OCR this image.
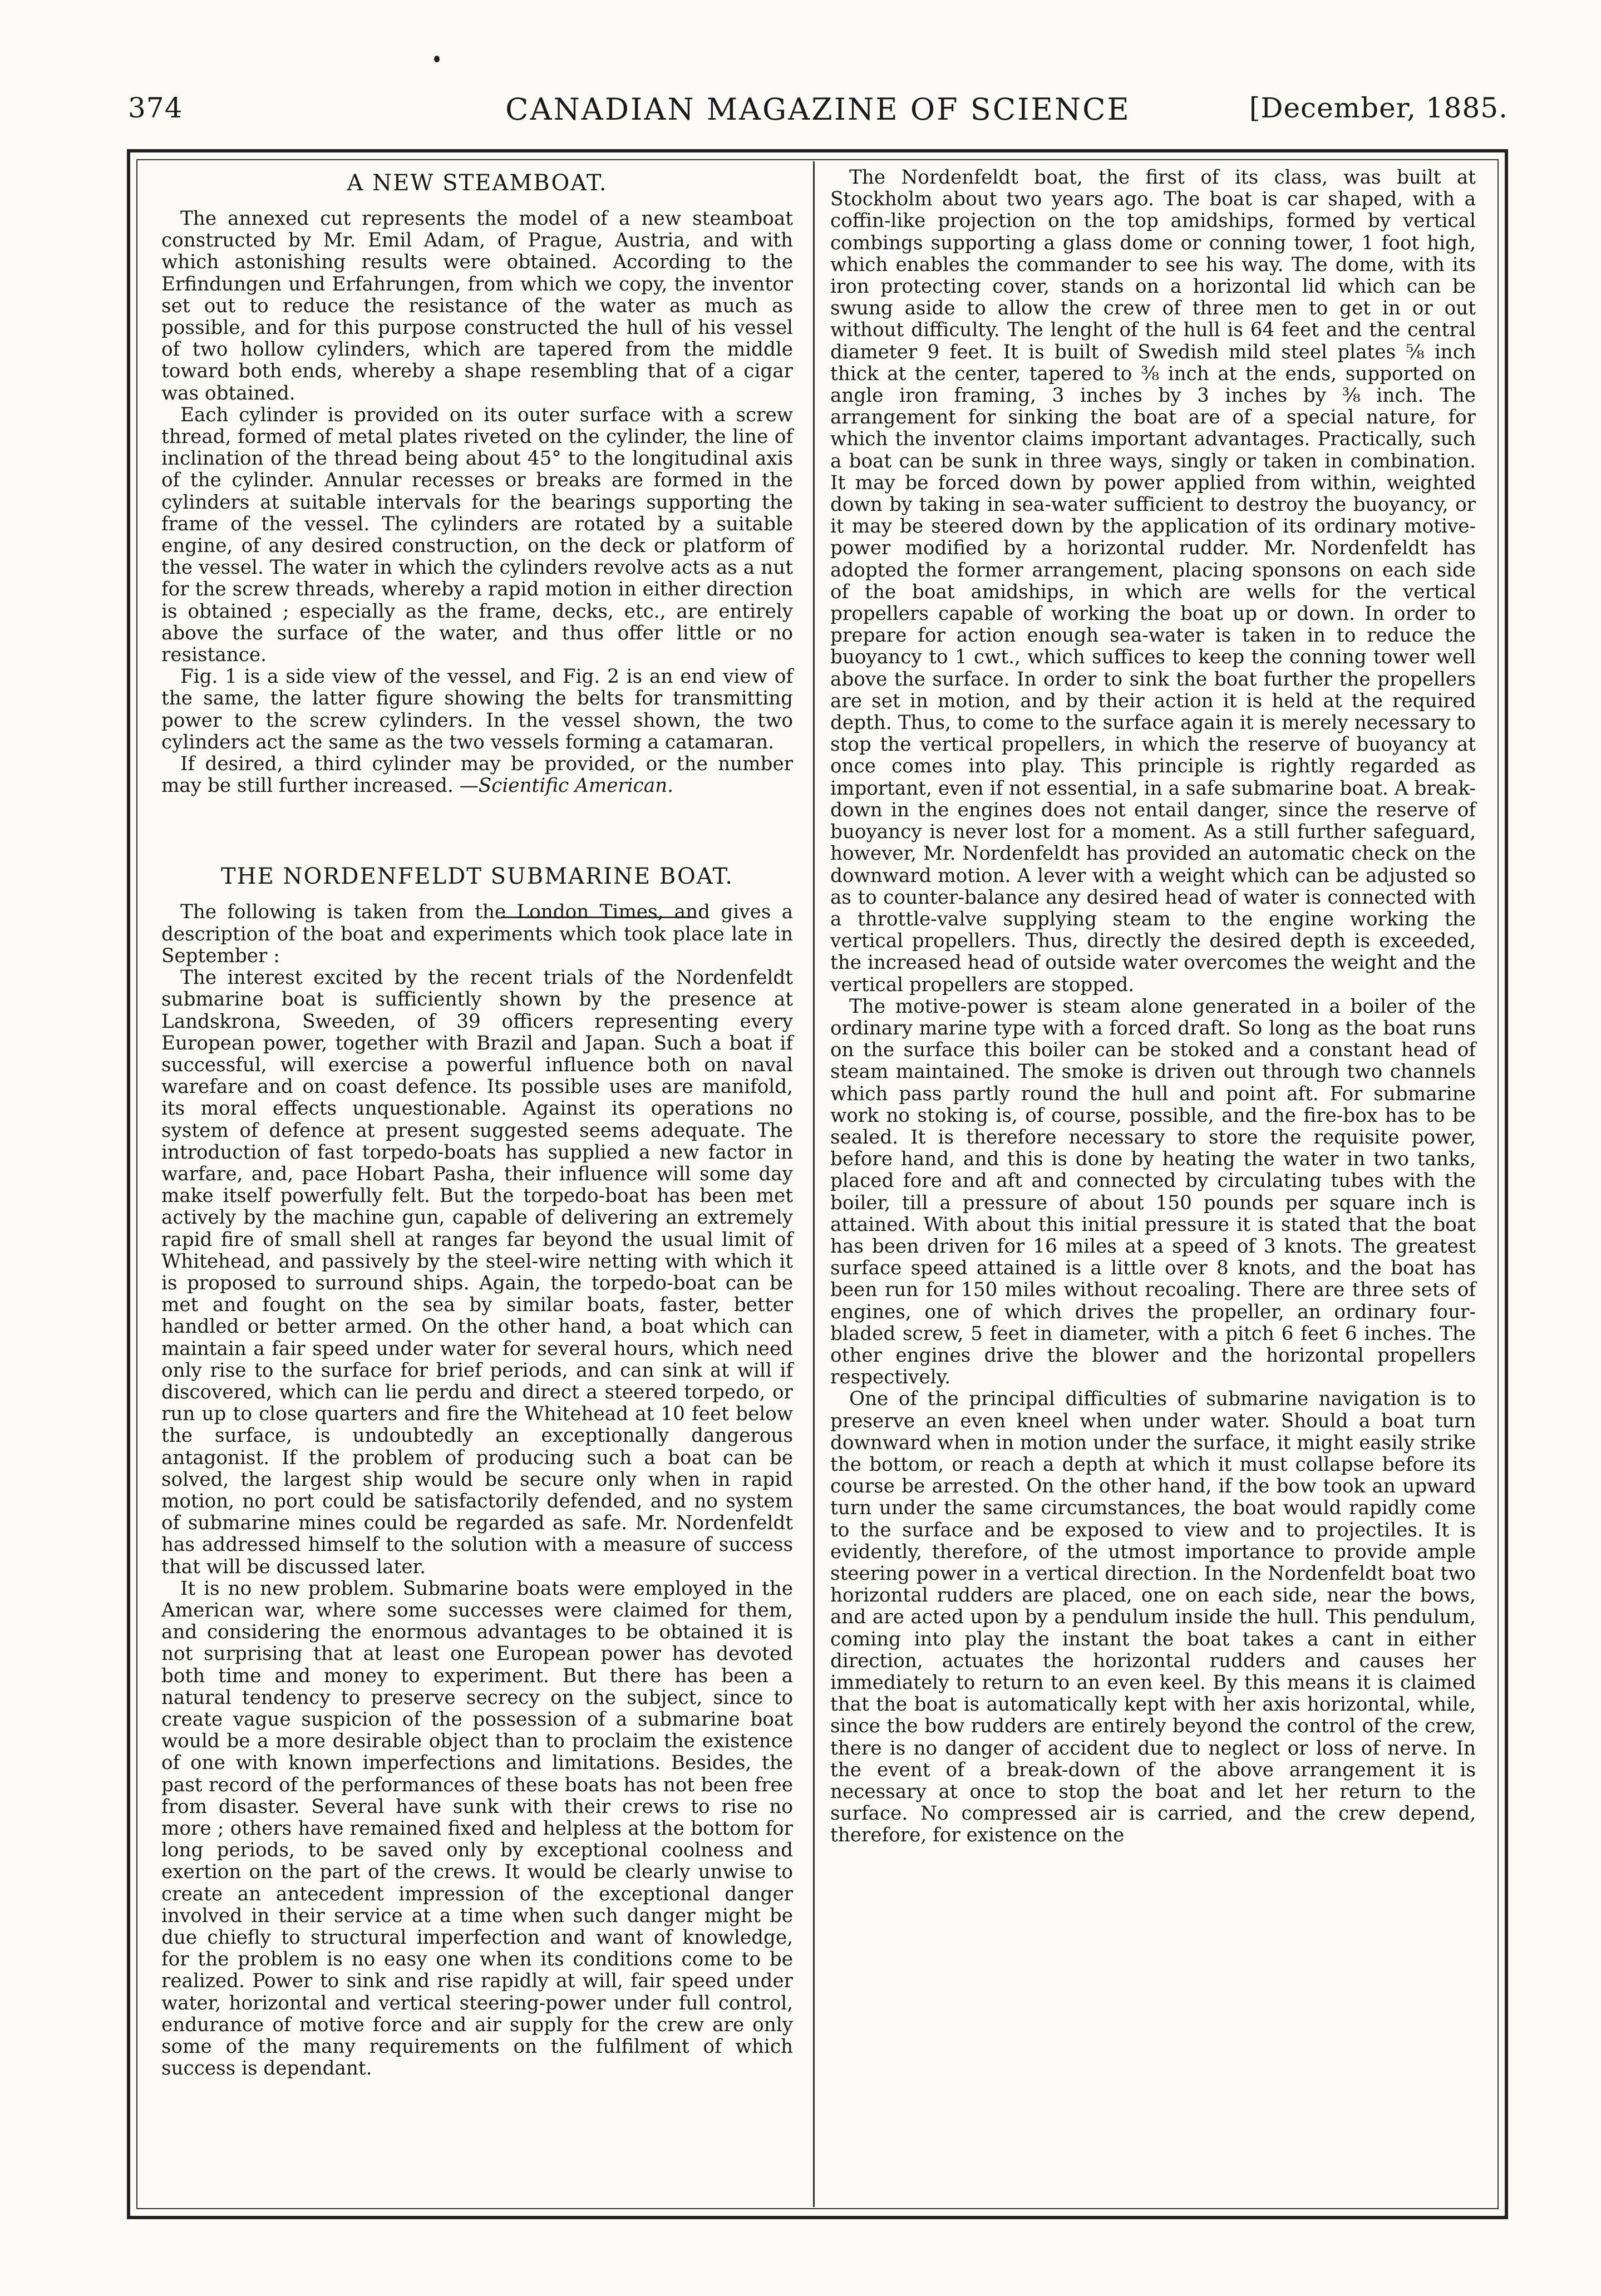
374	CANADIAN MAGAZINE OF SCIENCE	[December, 1885.
A NEW STEAMBOAT.

The annexed cut represents the model of a new steamboat constructed by Mr. Emil Adam, of Prague, Austria, and with which astonishing results were obtained. According to the Erfindungen und Erfahrungen, from which we copy, the inventor set out to reduce the resistance of the water as much as possible, and for this purpose constructed the hull of his vessel of two hollow cylinders, which are tapered from the middle toward both ends, whereby a shape resembling that of a cigar was obtained.

Each cylinder is provided on its outer surface with a screw thread, formed of metal plates riveted on the cylinder, the line of inclination of the thread being about 45° to the longitudinal axis of the cylinder. Annular recesses or breaks are formed in the cylinders at suitable intervals for the bearings supporting the frame of the vessel. The cylinders are rotated by a suitable engine, of any desired construction, on the deck or platform of the vessel. The water in which the cylinders revolve acts as a nut for the screw threads, whereby a rapid motion in either direction is obtained ; especially as the frame, decks, etc., are entirely above the surface of the water, and thus offer little or no resistance.

Fig. 1 is a side view of the vessel, and Fig. 2 is an end view of the same, the latter figure showing the belts for transmitting power to the screw cylinders. In the vessel shown, the two cylinders act the same as the two vessels forming a catamaran.

If desired, a third cylinder may be provided, or the number may be still further increased. —Scientific American.

THE NORDENFELDT SUBMARINE BOAT.

The following is taken from the London Times, and gives a description of the boat and experiments which took place late in September :

The interest excited by the recent trials of the Nordenfeldt submarine boat is sufficiently shown by the presence at Landskrona, Sweeden, of 39 officers representing every European power, together with Brazil and Japan. Such a boat if successful, will exercise a powerful influence both on naval warefare and on coast defence. Its possible uses are manifold, its moral effects unquestionable. Against its operations no system of defence at present suggested seems adequate. The introduction of fast torpedo-boats has supplied a new factor in warfare, and, pace Hobart Pasha, their influence will some day make itself powerfully felt. But the torpedo-boat has been met actively by the machine gun, capable of delivering an extremely rapid fire of small shell at ranges far beyond the usual limit of Whitehead, and passively by the steel-wire netting with which it is proposed to surround ships. Again, the torpedo-boat can be met and fought on the sea by similar boats, faster, better handled or better armed. On the other hand, a boat which can maintain a fair speed under water for several hours, which need only rise to the surface for brief periods, and can sink at will if discovered, which can lie perdu and direct a steered torpedo, or run up to close quarters and fire the Whitehead at 10 feet below the surface, is undoubtedly an exceptionally dangerous antagonist. If the problem of producing such a boat can be solved, the largest ship would be secure only when in rapid motion, no port could be satisfactorily defended, and no system of submarine mines could be regarded as safe. Mr. Nordenfeldt has addressed himself to the solution with a measure of success that will be discussed later.

It is no new problem. Submarine boats were employed in the American war, where some successes were claimed for them, and considering the enormous advantages to be obtained it is not surprising that at least one European power has devoted both time and money to experiment. But there has been a natural tendency to preserve secrecy on the subject, since to create vague suspicion of the possession of a submarine boat would be a more desirable object than to proclaim the existence of one with known imperfections and limitations. Besides, the past record of the performances of these boats has not been free from disaster. Several have sunk with their crews to rise no more ; others have remained fixed and helpless at the bottom for long periods, to be saved only by exceptional coolness and exertion on the part of the crews. It would be clearly unwise to create an antecedent impression of the exceptional danger involved in their service at a time when such danger might be due chiefly to structural imperfection and want of knowledge, for the problem is no easy one when its conditions come to be realized. Power to sink and rise rapidly at will, fair speed under water, horizontal and vertical steering-power under full control, endurance of motive force and air supply for the crew are only some of the many requirements on the fulfilment of which success is dependant.

The Nordenfeldt boat, the first of its class, was built at Stockholm about two years ago. The boat is car shaped, with a coffin-like projection on the top amidships, formed by vertical combings supporting a glass dome or conning tower, 1 foot high, which enables the commander to see his way. The dome, with its iron protecting cover, stands on a horizontal lid which can be swung aside to allow the crew of three men to get in or out without difficulty. The lenght of the hull is 64 feet and the central diameter 9 feet. It is built of Swedish mild steel plates ⅝ inch thick at the center, tapered to ⅜ inch at the ends, supported on angle iron framing, 3 inches by 3 inches by ⅜ inch. The arrangement for sinking the boat are of a special nature, for which the inventor claims important advantages. Practically, such a boat can be sunk in three ways, singly or taken in combination. It may be forced down by power applied from within, weighted down by taking in sea-water sufficient to destroy the buoyancy, or it may be steered down by the application of its ordinary motive-power modified by a horizontal rudder. Mr. Nordenfeldt has adopted the former arrangement, placing sponsons on each side of the boat amidships, in which are wells for the vertical propellers capable of working the boat up or down. In order to prepare for action enough sea-water is taken in to reduce the buoyancy to 1 cwt., which suffices to keep the conning tower well above the surface. In order to sink the boat further the propellers are set in motion, and by their action it is held at the required depth. Thus, to come to the surface again it is merely necessary to stop the vertical propellers, in which the reserve of buoyancy at once comes into play. This principle is rightly regarded as important, even if not essential, in a safe submarine boat. A break-down in the engines does not entail danger, since the reserve of buoyancy is never lost for a moment. As a still further safeguard, however, Mr. Nordenfeldt has provided an automatic check on the downward motion. A lever with a weight which can be adjusted so as to counter-balance any desired head of water is connected with a throttle-valve supplying steam to the engine working the vertical propellers. Thus, directly the desired depth is exceeded, the increased head of outside water overcomes the weight and the vertical propellers are stopped.

The motive-power is steam alone generated in a boiler of the ordinary marine type with a forced draft. So long as the boat runs on the surface this boiler can be stoked and a constant head of steam maintained. The smoke is driven out through two channels which pass partly round the hull and point aft. For submarine work no stoking is, of course, possible, and the fire-box has to be sealed. It is therefore necessary to store the requisite power, before hand, and this is done by heating the water in two tanks, placed fore and aft and connected by circulating tubes with the boiler, till a pressure of about 150 pounds per square inch is attained. With about this initial pressure it is stated that the boat has been driven for 16 miles at a speed of 3 knots. The greatest surface speed attained is a little over 8 knots, and the boat has been run for 150 miles without recoaling. There are three sets of engines, one of which drives the propeller, an ordinary four-bladed screw, 5 feet in diameter, with a pitch 6 feet 6 inches. The other engines drive the blower and the horizontal propellers respectively.

One of the principal difficulties of submarine navigation is to preserve an even kneel when under water. Should a boat turn downward when in motion under the surface, it might easily strike the bottom, or reach a depth at which it must collapse before its course be arrested. On the other hand, if the bow took an upward turn under the same circumstances, the boat would rapidly come to the surface and be exposed to view and to projectiles. It is evidently, therefore, of the utmost importance to provide ample steering power in a vertical direction. In the Nordenfeldt boat two horizontal rudders are placed, one on each side, near the bows, and are acted upon by a pendulum inside the hull. This pendulum, coming into play the instant the boat takes a cant in either direction, actuates the horizontal rudders and causes her immediately to return to an even keel. By this means it is claimed that the boat is automatically kept with her axis horizontal, while, since the bow rudders are entirely beyond the control of the crew, there is no danger of accident due to neglect or loss of nerve. In the event of a break-down of the above arrangement it is necessary at once to stop the boat and let her return to the surface. No compressed air is carried, and the crew depend, therefore, for existence on the
